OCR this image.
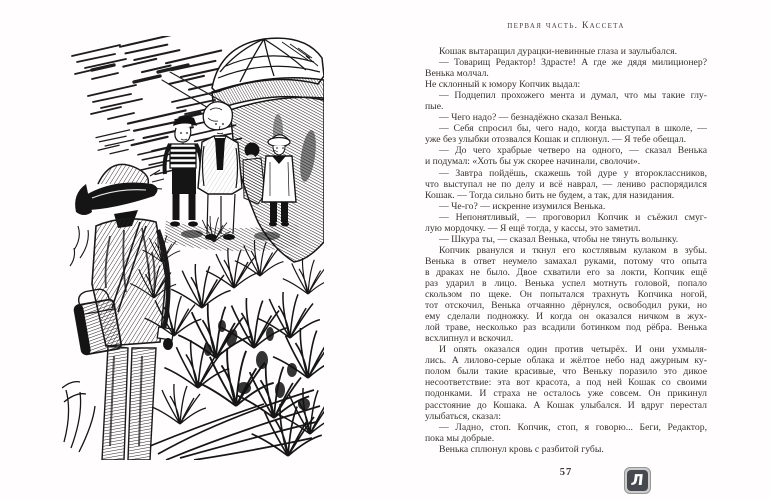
первая часть. Кассета
Кошак вытаращил дурацки-невинные глаза и заулыбался.
— Товарищ Редактор! Здрасте! А где же дядя милиционер?
Венька молчал.
Не склонный к юмору Копчик выдал:
— Подцепил прохожего мента и думал, что мы такие глу-
пые.
— Чего надо? — безнадёжно сказал Венька.
— Себя спросил бы, чего надо, когда выступал в школе, —
уже без улыбки отозвался Кошак и сплюнул. — Я тебе обещал.
— До чего храбрые четверо на одного, — сказал Венька
и подумал: «Хоть бы уж скорее начинали, сволочи».
— Завтра пойдёшь, скажешь той дуре у второклассников,
что выступал не по делу и всё наврал, — лениво распорядился
Кошак. — Тогда сильно бить не будем, а так, для назидания.
— Че-го? — искренне изумился Венька.
— Непонятливый, — проговорил Копчик и съёжил смуг-
лую мордочку. — Я ещё тогда, у кассы, это заметил.
— Шкура ты, — сказал Венька, чтобы не тянуть волынку.
Копчик рванулся и ткнул его костлявым кулаком в зубы.
Венька в ответ неумело замахал руками, потому что опыта
в драках не было. Двое схватили его за локти, Копчик ещё
раз ударил в лицо. Венька успел мотнуть головой, попало
скользом по щеке. Он попытался трахнуть Копчика ногой,
тот отскочил, Венька отчаянно дёрнулся, освободил руки, но
ему сделали подножку. И когда он оказался ничком в жух-
лой траве, несколько раз всадили ботинком под рёбра. Венька
всхлипнул и вскочил.
И опять оказался один против четырёх. И они ухмыля-
лись. А лилово-серые облака и жёлтое небо над ажурным ку-
полом были такие красивые, что Веньку поразило это дикое
несоответствие: эта вот красота, а под ней Кошак со своими
подонками. И страха не осталось уже совсем. Он прикинул
расстояние до Кошака. А Кошак улыбался. И вдруг перестал
улыбаться, сказал:
— Ладно, стоп. Копчик, стоп, я говорю... Беги, Редактор,
пока мы добрые.
Венька сплюнул кровь с разбитой губы.
57	Л
